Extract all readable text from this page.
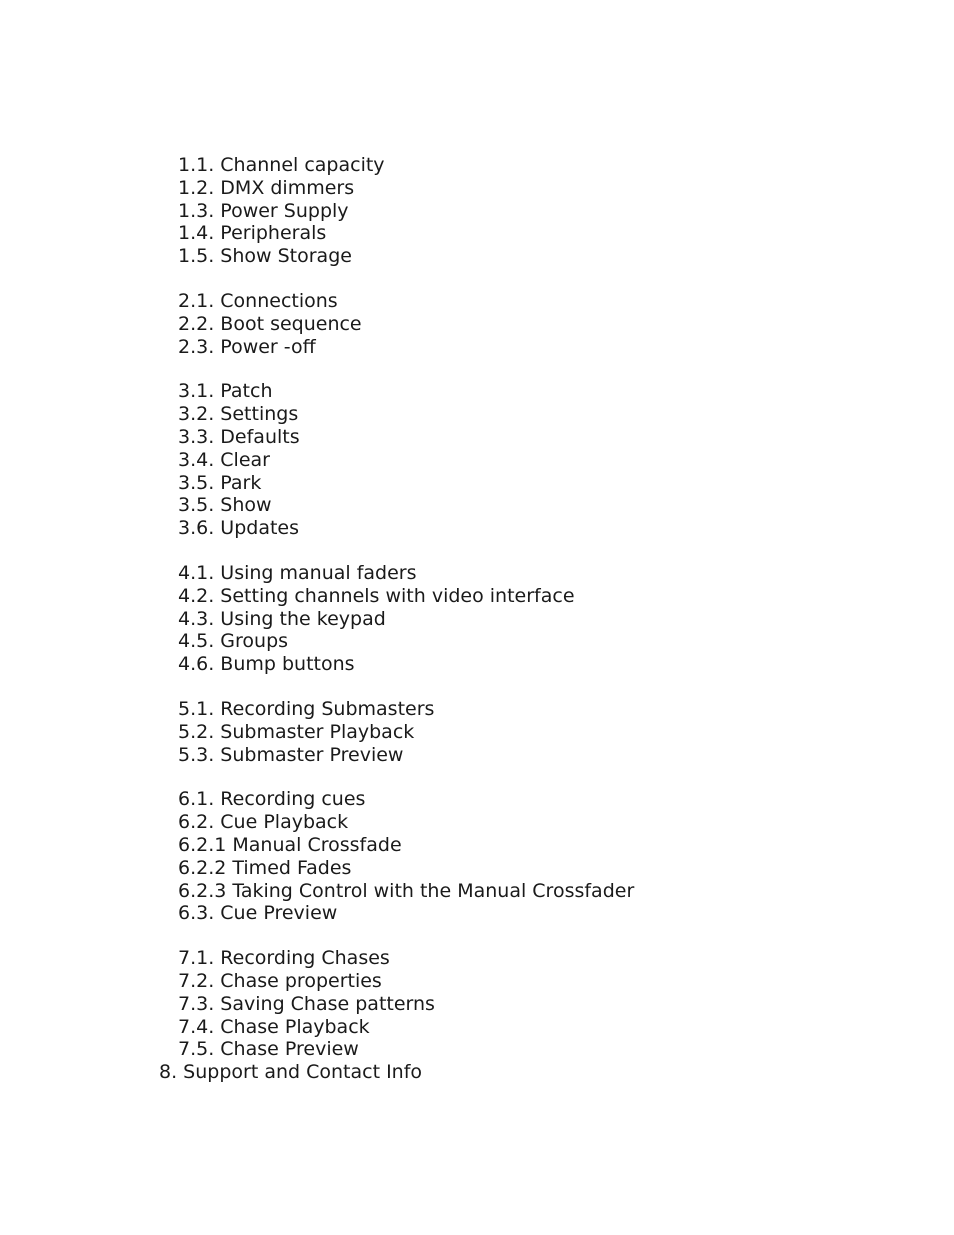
1.1. Channel capacity
1.2. DMX dimmers
1.3. Power Supply
1.4. Peripherals
1.5. Show Storage
2.1. Connections
2.2. Boot sequence
2.3. Power -off
3.1. Patch
3.2. Settings
3.3. Defaults
3.4. Clear
3.5. Park
3.5. Show
3.6. Updates
4.1. Using manual faders
4.2. Setting channels with video interface
4.3. Using the keypad
4.5. Groups
4.6. Bump buttons
5.1. Recording Submasters
5.2. Submaster Playback
5.3. Submaster Preview
6.1. Recording cues
6.2. Cue Playback
6.2.1 Manual Crossfade
6.2.2 Timed Fades
6.2.3 Taking Control with the Manual Crossfader
6.3. Cue Preview
7.1. Recording Chases
7.2. Chase properties
7.3. Saving Chase patterns
7.4. Chase Playback
7.5. Chase Preview
8. Support and Contact Info
